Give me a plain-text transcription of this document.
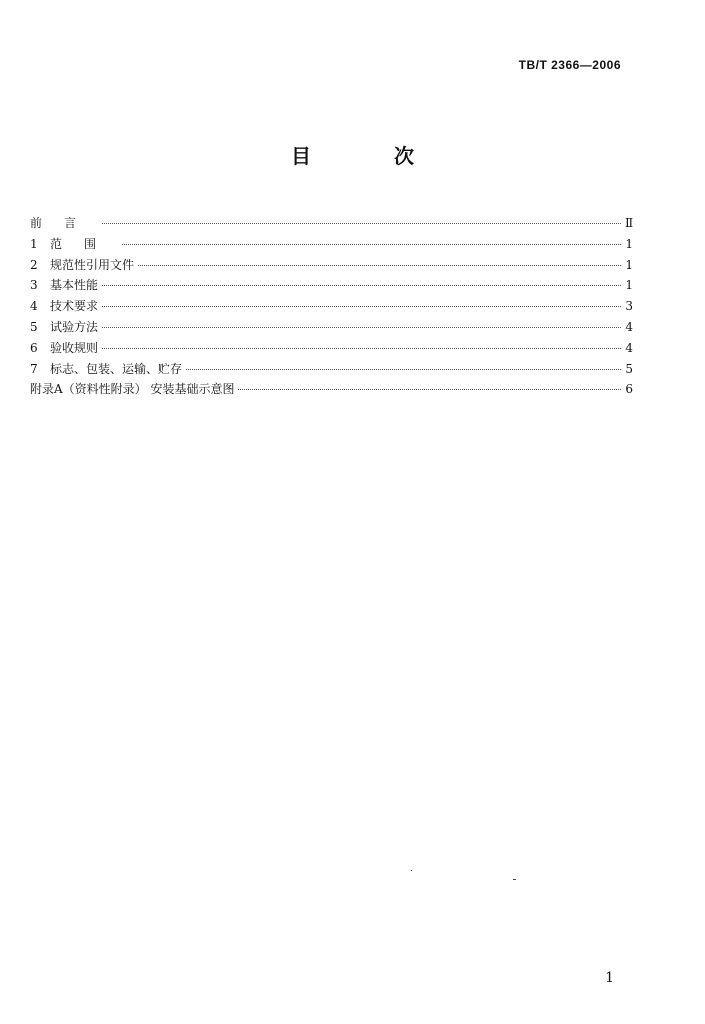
TB/T 2366—2006
目 次
前言	Ⅱ
1	范围	1
2	规范性引用文件	1
3	基本性能	1
4	技术要求	3
5	试验方法	4
6	验收规则	4
7	标志、包装、运输、贮存	5
附录A（资料性附录） 安装基础示意图	6
1
